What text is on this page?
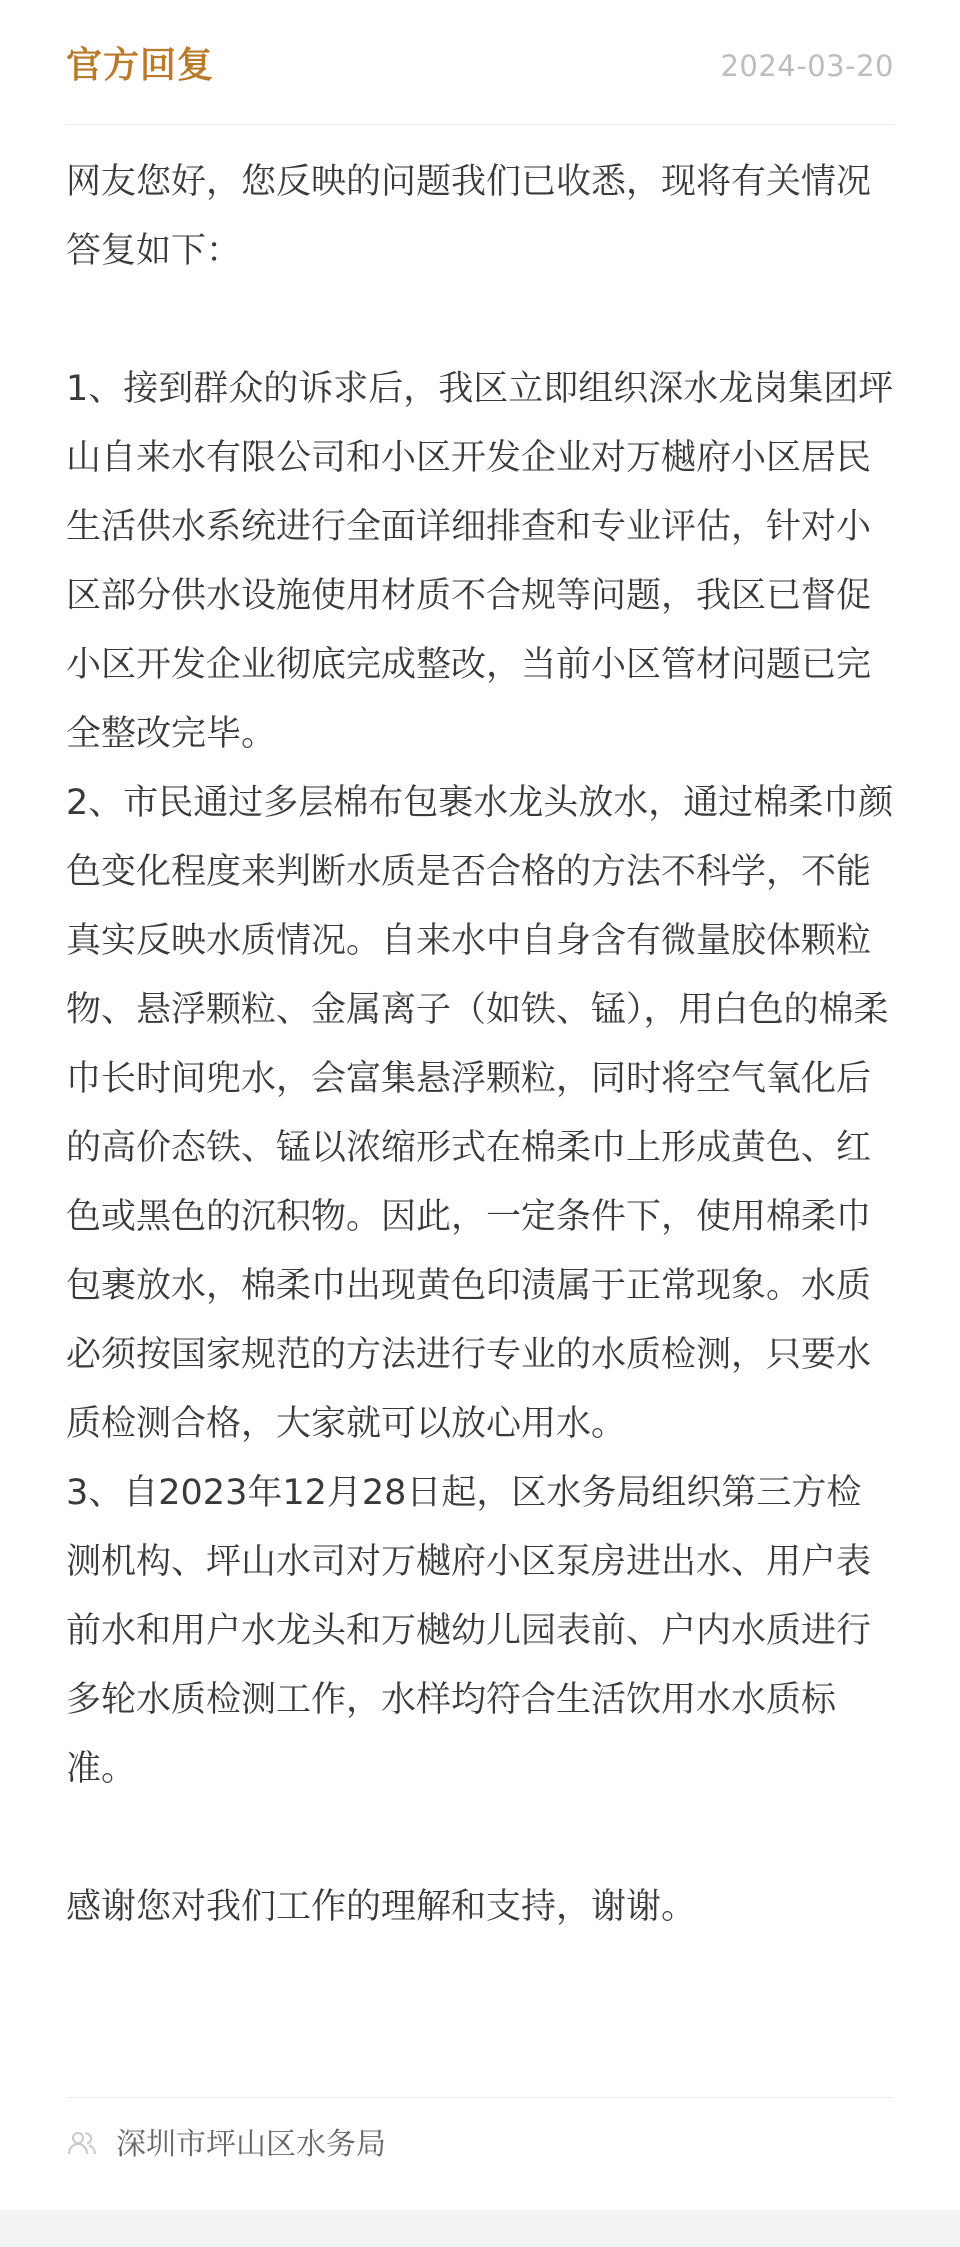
官方回复	2024-03-20

网友您好，您反映的问题我们已收悉，现将有关情况答复如下：

1、接到群众的诉求后，我区立即组织深水龙岗集团坪山自来水有限公司和小区开发企业对万樾府小区居民生活供水系统进行全面详细排查和专业评估，针对小区部分供水设施使用材质不合规等问题，我区已督促小区开发企业彻底完成整改，当前小区管材问题已完全整改完毕。

2、市民通过多层棉布包裹水龙头放水，通过棉柔巾颜色变化程度来判断水质是否合格的方法不科学，不能真实反映水质情况。自来水中自身含有微量胶体颗粒物、悬浮颗粒、金属离子（如铁、锰），用白色的棉柔巾长时间兜水，会富集悬浮颗粒，同时将空气氧化后的高价态铁、锰以浓缩形式在棉柔巾上形成黄色、红色或黑色的沉积物。因此，一定条件下，使用棉柔巾包裹放水，棉柔巾出现黄色印渍属于正常现象。水质必须按国家规范的方法进行专业的水质检测，只要水质检测合格，大家就可以放心用水。

3、自2023年12月28日起，区水务局组织第三方检测机构、坪山水司对万樾府小区泵房进出水、用户表前水和用户水龙头和万樾幼儿园表前、户内水质进行多轮水质检测工作，水样均符合生活饮用水水质标准。

感谢您对我们工作的理解和支持，谢谢。

深圳市坪山区水务局
